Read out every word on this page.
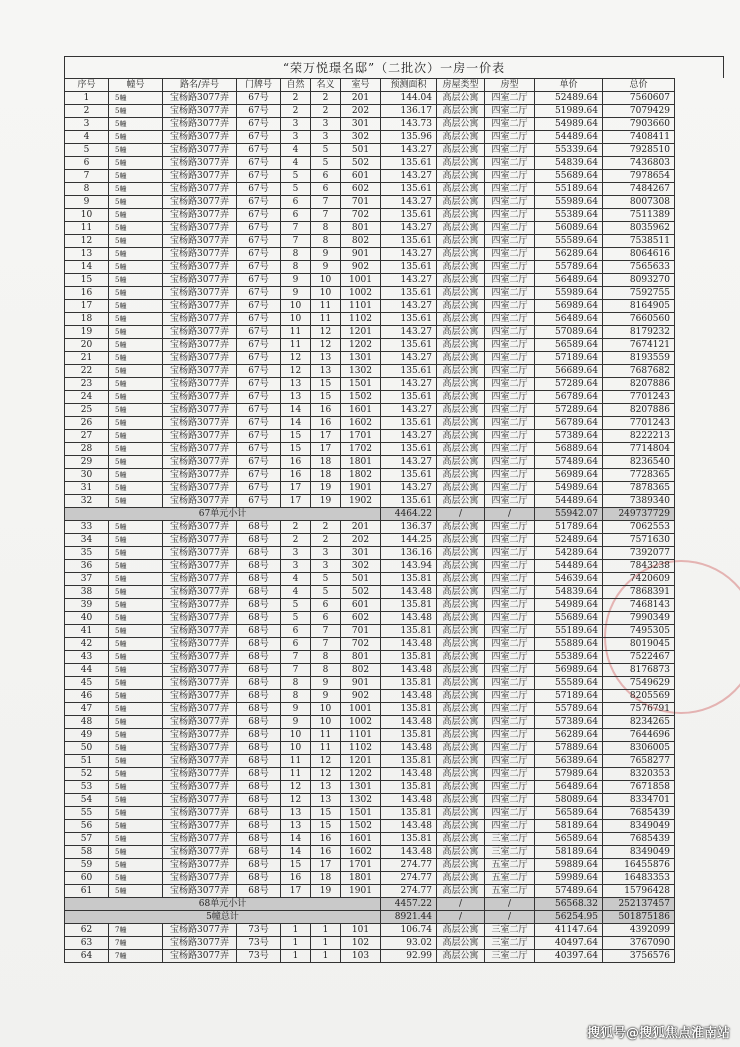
“荣万悦璟名邸”（二批次）一房一价表
序号	幢号	路名/弄号	门牌号	自然	名义	室号	预测面积	房屋类型	房型	单价	总价
1	5幢	宝杨路3077弄	67号	2	2	201	144.04	高层公寓	四室二厅	52489.64	7560607
2	5幢	宝杨路3077弄	67号	2	2	202	136.17	高层公寓	四室二厅	51989.64	7079429
3	5幢	宝杨路3077弄	67号	3	3	301	143.73	高层公寓	四室二厅	54989.64	7903660
4	5幢	宝杨路3077弄	67号	3	3	302	135.96	高层公寓	四室二厅	54489.64	7408411
5	5幢	宝杨路3077弄	67号	4	5	501	143.27	高层公寓	四室二厅	55339.64	7928510
6	5幢	宝杨路3077弄	67号	4	5	502	135.61	高层公寓	四室二厅	54839.64	7436803
7	5幢	宝杨路3077弄	67号	5	6	601	143.27	高层公寓	四室二厅	55689.64	7978654
8	5幢	宝杨路3077弄	67号	5	6	602	135.61	高层公寓	四室二厅	55189.64	7484267
9	5幢	宝杨路3077弄	67号	6	7	701	143.27	高层公寓	四室二厅	55989.64	8007308
10	5幢	宝杨路3077弄	67号	6	7	702	135.61	高层公寓	四室二厅	55389.64	7511389
11	5幢	宝杨路3077弄	67号	7	8	801	143.27	高层公寓	四室二厅	56089.64	8035962
12	5幢	宝杨路3077弄	67号	7	8	802	135.61	高层公寓	四室二厅	55589.64	7538511
13	5幢	宝杨路3077弄	67号	8	9	901	143.27	高层公寓	四室二厅	56289.64	8064616
14	5幢	宝杨路3077弄	67号	8	9	902	135.61	高层公寓	四室二厅	55789.64	7565633
15	5幢	宝杨路3077弄	67号	9	10	1001	143.27	高层公寓	四室二厅	56489.64	8093270
16	5幢	宝杨路3077弄	67号	9	10	1002	135.61	高层公寓	四室二厅	55989.64	7592755
17	5幢	宝杨路3077弄	67号	10	11	1101	143.27	高层公寓	四室二厅	56989.64	8164905
18	5幢	宝杨路3077弄	67号	10	11	1102	135.61	高层公寓	四室二厅	56489.64	7660560
19	5幢	宝杨路3077弄	67号	11	12	1201	143.27	高层公寓	四室二厅	57089.64	8179232
20	5幢	宝杨路3077弄	67号	11	12	1202	135.61	高层公寓	四室二厅	56589.64	7674121
21	5幢	宝杨路3077弄	67号	12	13	1301	143.27	高层公寓	四室二厅	57189.64	8193559
22	5幢	宝杨路3077弄	67号	12	13	1302	135.61	高层公寓	四室二厅	56689.64	7687682
23	5幢	宝杨路3077弄	67号	13	15	1501	143.27	高层公寓	四室二厅	57289.64	8207886
24	5幢	宝杨路3077弄	67号	13	15	1502	135.61	高层公寓	四室二厅	56789.64	7701243
25	5幢	宝杨路3077弄	67号	14	16	1601	143.27	高层公寓	四室二厅	57289.64	8207886
26	5幢	宝杨路3077弄	67号	14	16	1602	135.61	高层公寓	四室二厅	56789.64	7701243
27	5幢	宝杨路3077弄	67号	15	17	1701	143.27	高层公寓	四室二厅	57389.64	8222213
28	5幢	宝杨路3077弄	67号	15	17	1702	135.61	高层公寓	四室二厅	56889.64	7714804
29	5幢	宝杨路3077弄	67号	16	18	1801	143.27	高层公寓	四室二厅	57489.64	8236540
30	5幢	宝杨路3077弄	67号	16	18	1802	135.61	高层公寓	四室二厅	56989.64	7728365
31	5幢	宝杨路3077弄	67号	17	19	1901	143.27	高层公寓	四室二厅	54989.64	7878365
32	5幢	宝杨路3077弄	67号	17	19	1902	135.61	高层公寓	四室二厅	54489.64	7389340
67单元小计							4464.22	/	/	55942.07	249737729
33	5幢	宝杨路3077弄	68号	2	2	201	136.37	高层公寓	四室二厅	51789.64	7062553
34	5幢	宝杨路3077弄	68号	2	2	202	144.25	高层公寓	四室二厅	52489.64	7571630
35	5幢	宝杨路3077弄	68号	3	3	301	136.16	高层公寓	四室二厅	54289.64	7392077
36	5幢	宝杨路3077弄	68号	3	3	302	143.94	高层公寓	四室二厅	54489.64	7843238
37	5幢	宝杨路3077弄	68号	4	5	501	135.81	高层公寓	四室二厅	54639.64	7420609
38	5幢	宝杨路3077弄	68号	4	5	502	143.48	高层公寓	四室二厅	54839.64	7868391
39	5幢	宝杨路3077弄	68号	5	6	601	135.81	高层公寓	四室二厅	54989.64	7468143
40	5幢	宝杨路3077弄	68号	5	6	602	143.48	高层公寓	四室二厅	55689.64	7990349
41	5幢	宝杨路3077弄	68号	6	7	701	135.81	高层公寓	四室二厅	55189.64	7495305
42	5幢	宝杨路3077弄	68号	6	7	702	143.48	高层公寓	四室二厅	55889.64	8019045
43	5幢	宝杨路3077弄	68号	7	8	801	135.81	高层公寓	四室二厅	55389.64	7522467
44	5幢	宝杨路3077弄	68号	7	8	802	143.48	高层公寓	四室二厅	56989.64	8176873
45	5幢	宝杨路3077弄	68号	8	9	901	135.81	高层公寓	四室二厅	55589.64	7549629
46	5幢	宝杨路3077弄	68号	8	9	902	143.48	高层公寓	四室二厅	57189.64	8205569
47	5幢	宝杨路3077弄	68号	9	10	1001	135.81	高层公寓	四室二厅	55789.64	7576791
48	5幢	宝杨路3077弄	68号	9	10	1002	143.48	高层公寓	四室二厅	57389.64	8234265
49	5幢	宝杨路3077弄	68号	10	11	1101	135.81	高层公寓	四室二厅	56289.64	7644696
50	5幢	宝杨路3077弄	68号	10	11	1102	143.48	高层公寓	四室二厅	57889.64	8306005
51	5幢	宝杨路3077弄	68号	11	12	1201	135.81	高层公寓	四室二厅	56389.64	7658277
52	5幢	宝杨路3077弄	68号	11	12	1202	143.48	高层公寓	四室二厅	57989.64	8320353
53	5幢	宝杨路3077弄	68号	12	13	1301	135.81	高层公寓	四室二厅	56489.64	7671858
54	5幢	宝杨路3077弄	68号	12	13	1302	143.48	高层公寓	四室二厅	58089.64	8334701
55	5幢	宝杨路3077弄	68号	13	15	1501	135.81	高层公寓	四室二厅	56589.64	7685439
56	5幢	宝杨路3077弄	68号	13	15	1502	143.48	高层公寓	四室二厅	58189.64	8349049
57	5幢	宝杨路3077弄	68号	14	16	1601	135.81	高层公寓	三室二厅	56589.64	7685439
58	5幢	宝杨路3077弄	68号	14	16	1602	143.48	高层公寓	三室二厅	58189.64	8349049
59	5幢	宝杨路3077弄	68号	15	17	1701	274.77	高层公寓	五室二厅	59889.64	16455876
60	5幢	宝杨路3077弄	68号	16	18	1801	274.77	高层公寓	五室二厅	59989.64	16483353
61	5幢	宝杨路3077弄	68号	17	19	1901	274.77	高层公寓	五室二厅	57489.64	15796428
68单元小计							4457.22	/	/	56568.32	252137457
5幢总计							8921.44	/	/	56254.95	501875186
62	7幢	宝杨路3077弄	73号	1	1	101	106.74	高层公寓	三室二厅	41147.64	4392099
63	7幢	宝杨路3077弄	73号	1	1	102	93.02	高层公寓	三室二厅	40497.64	3767090
64	7幢	宝杨路3077弄	73号	1	1	103	92.99	高层公寓	三室二厅	40397.64	3756576
搜狐号@搜狐焦点淮南站
